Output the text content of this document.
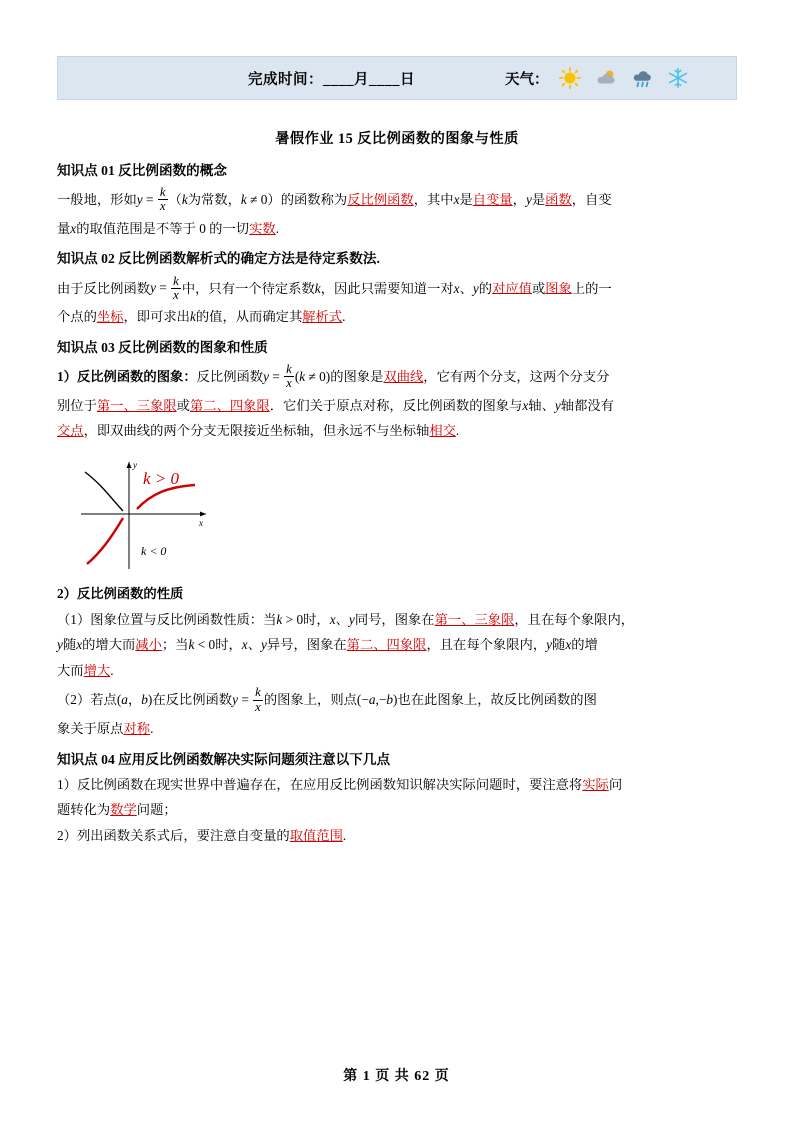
完成时间：____月____日	天气：
暑假作业 15 反比例函数的图象与性质
知识点 01 反比例函数的概念

一般地，形如$y = \frac{k}{x} (k$为常数，k ≠ 0）的函数称为反比例函数，其中x是自变量，y是函数，自变

量x的取值范围是不等于 0 的一切实数.

知识点 02 反比例函数解析式的确定方法是待定系数法.

由于反比例函数$y = \frac{k}{x}$ 中，只有一个待定系数k，因此只需要知道一对x、y的对应值或图象上的一

个点的坐标，即可求出k的值，从而确定其解析式.

知识点 03 反比例函数的图象和性质

1）反比例函数的图象：反比例函数$y = \frac{k}{x} (k \ne 0)$的图象是双曲线，它有两个分支，这两个分支分

别位于第一、三象限或第二、四象限．它们关于原点对称，反比例函数的图象与x轴、y轴都没有

交点，即双曲线的两个分支无限接近坐标轴，但永远不与坐标轴相交.

x
y
k > 0
k < 0

2）反比例函数的性质

（1）图象位置与反比例函数性质：当k > 0时，x、y同号，图象在第一、三象限，且在每个象限内，

y随x的增大而减小；当k < 0时，x、y异号，图象在第二、四象限，且在每个象限内，y随x的增

大而增大.

（2）若点(a，b)在反比例函数$y = \frac{k}{x}$ 的图象上，则点(−a,−b)也在此图象上，故反比例函数的图

象关于原点对称.

知识点 04 应用反比例函数解决实际问题须注意以下几点

1）反比例函数在现实世界中普遍存在，在应用反比例函数知识解决实际问题时，要注意将实际问

题转化为数学问题；

2）列出函数关系式后，要注意自变量的取值范围.

第 1 页 共 62 页
